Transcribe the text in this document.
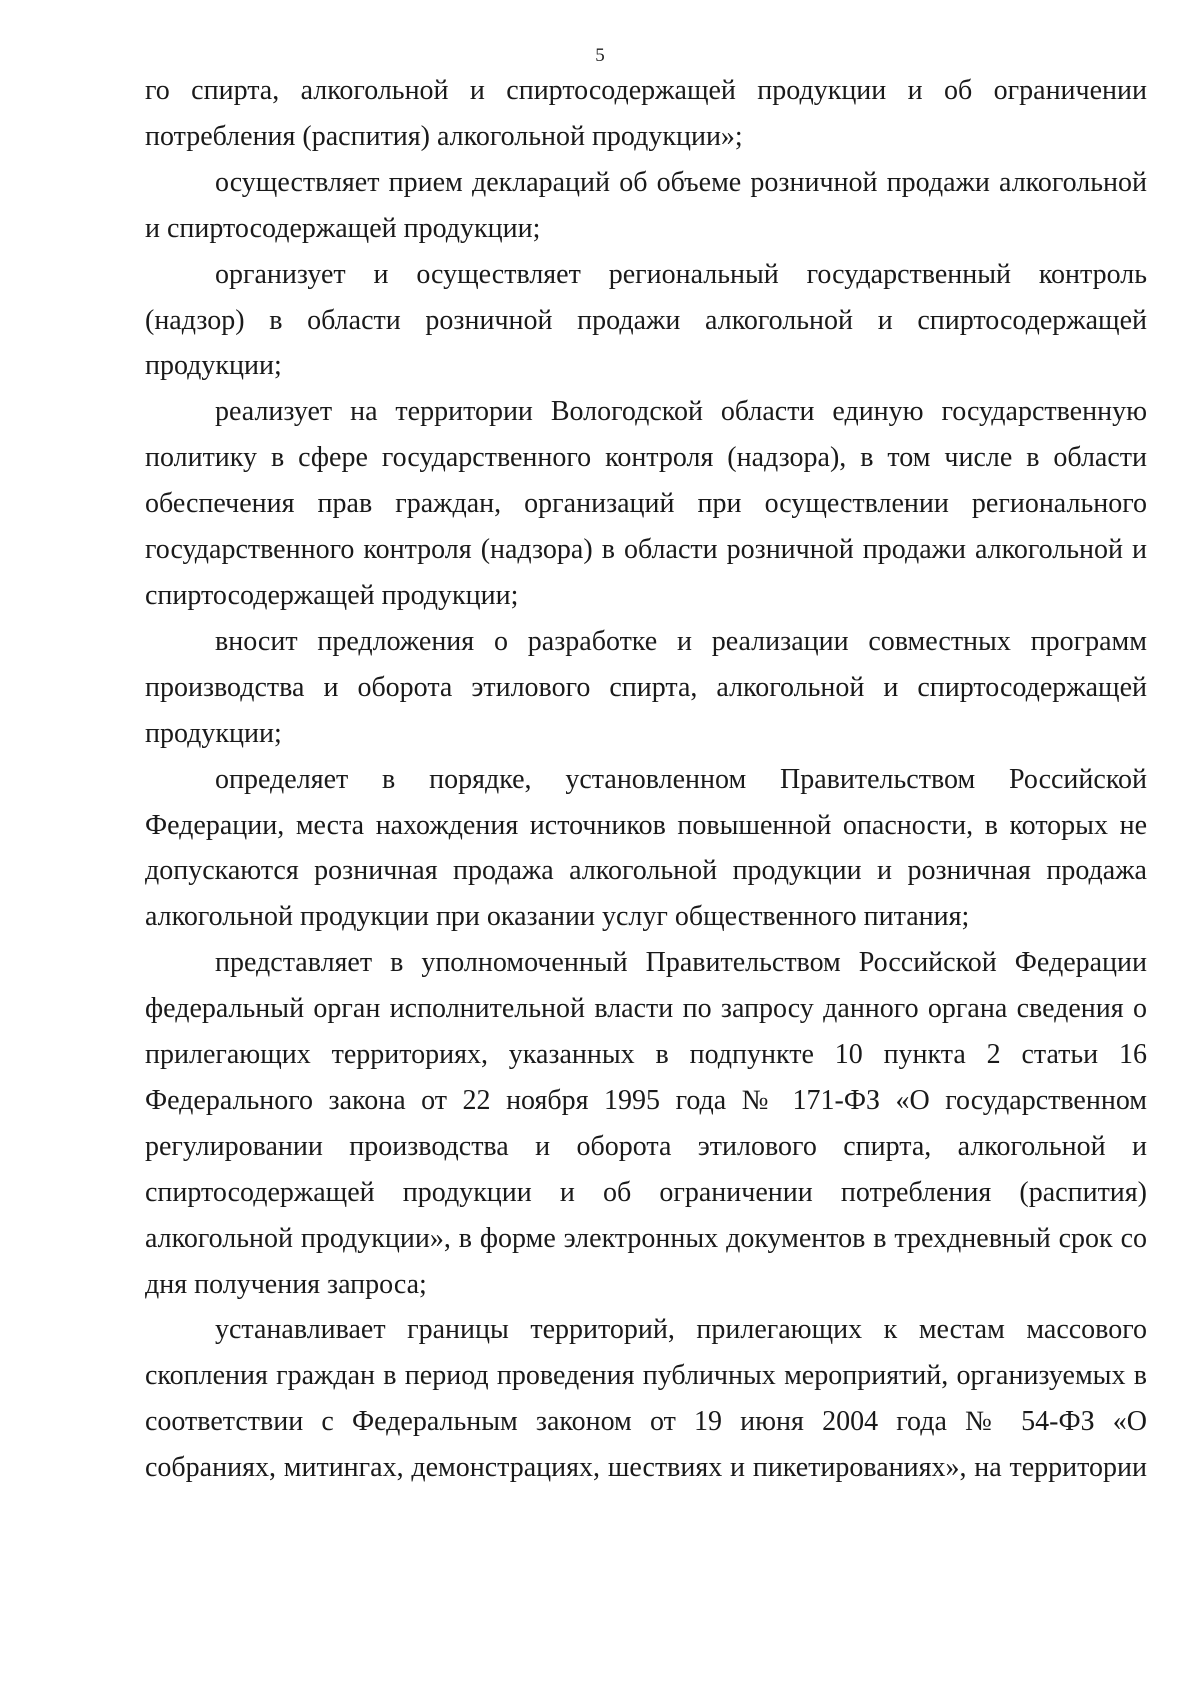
5

го спирта, алкогольной и спиртосодержащей продукции и об ограничении потребления (распития) алкогольной продукции»;

осуществляет прием деклараций об объеме розничной продажи алкогольной и спиртосодержащей продукции;

организует и осуществляет региональный государственный контроль (надзор) в области розничной продажи алкогольной и спиртосодержащей продукции;

реализует на территории Вологодской области единую государственную политику в сфере государственного контроля (надзора), в том числе в области обеспечения прав граждан, организаций при осуществлении регионального государственного контроля (надзора) в области розничной продажи алкогольной и спиртосодержащей продукции;

вносит предложения о разработке и реализации совместных программ производства и оборота этилового спирта, алкогольной и спиртосодержащей продукции;

определяет в порядке, установленном Правительством Российской Федерации, места нахождения источников повышенной опасности, в которых не допускаются розничная продажа алкогольной продукции и розничная продажа алкогольной продукции при оказании услуг общественного питания;

представляет в уполномоченный Правительством Российской Федерации федеральный орган исполнительной власти по запросу данного органа сведения о прилегающих территориях, указанных в подпункте 10 пункта 2 статьи 16 Федерального закона от 22 ноября 1995 года № 171-ФЗ «О государственном регулировании производства и оборота этилового спирта, алкогольной и спиртосодержащей продукции и об ограничении потребления (распития) алкогольной продукции», в форме электронных документов в трехдневный срок со дня получения запроса;

устанавливает границы территорий, прилегающих к местам массового скопления граждан в период проведения публичных мероприятий, организуемых в соответствии с Федеральным законом от 19 июня 2004 года № 54-ФЗ «О собраниях, митингах, демонстрациях, шествиях и пикетированиях», на территории
